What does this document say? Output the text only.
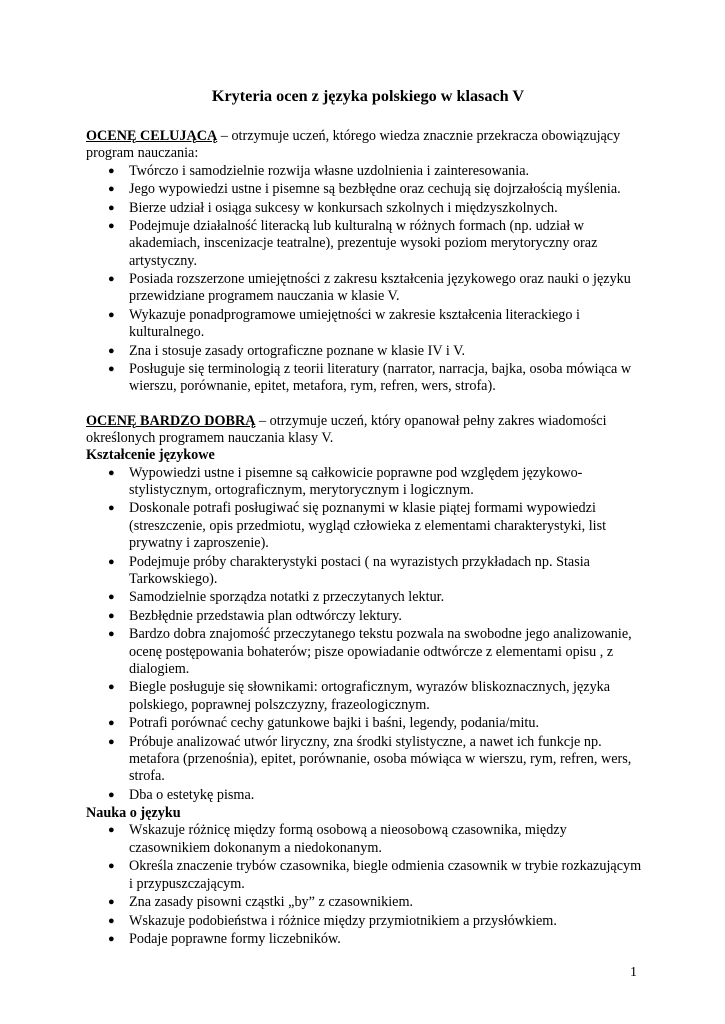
Kryteria ocen z języka polskiego w klasach V

OCENĘ CELUJĄCĄ – otrzymuje uczeń, którego wiedza znacznie przekracza obowiązujący program nauczania:

● Twórczo i samodzielnie rozwija własne uzdolnienia i zainteresowania.
● Jego wypowiedzi ustne i pisemne są bezbłędne oraz cechują się dojrzałością myślenia.
● Bierze udział i osiąga sukcesy w konkursach szkolnych i międzyszkolnych.
● Podejmuje działalność literacką lub kulturalną w różnych formach (np. udział w akademiach, inscenizacje teatralne), prezentuje wysoki poziom merytoryczny oraz artystyczny.
● Posiada rozszerzone umiejętności z zakresu kształcenia językowego oraz nauki o języku przewidziane programem nauczania w klasie V.
● Wykazuje ponadprogramowe umiejętności w zakresie kształcenia literackiego i kulturalnego.
● Zna i stosuje zasady ortograficzne poznane w klasie IV i V.
● Posługuje się terminologią z teorii literatury (narrator, narracja, bajka, osoba mówiąca w wierszu, porównanie, epitet, metafora, rym, refren, wers, strofa).

OCENĘ BARDZO DOBRĄ – otrzymuje uczeń, który opanował pełny zakres wiadomości określonych programem nauczania klasy V.

Kształcenie językowe

● Wypowiedzi ustne i pisemne są całkowicie poprawne pod względem językowo-stylistycznym, ortograficznym, merytorycznym i logicznym.
● Doskonale potrafi posługiwać się poznanymi w klasie piątej formami wypowiedzi (streszczenie, opis przedmiotu, wygląd człowieka z elementami charakterystyki, list prywatny i zaproszenie).
● Podejmuje próby charakterystyki postaci ( na wyrazistych przykładach np. Stasia Tarkowskiego).
● Samodzielnie sporządza notatki z przeczytanych lektur.
● Bezbłędnie przedstawia plan odtwórczy lektury.
● Bardzo dobra znajomość przeczytanego tekstu pozwala na swobodne jego analizowanie, ocenę postępowania bohaterów; pisze opowiadanie odtwórcze z elementami opisu , z dialogiem.
● Biegle posługuje się słownikami: ortograficznym, wyrazów bliskoznacznych, języka polskiego, poprawnej polszczyzny, frazeologicznym.
● Potrafi porównać cechy gatunkowe bajki i baśni, legendy, podania/mitu.
● Próbuje analizować utwór liryczny, zna środki stylistyczne, a nawet ich funkcje np. metafora (przenośnia), epitet, porównanie, osoba mówiąca w wierszu, rym, refren, wers, strofa.
● Dba o estetykę pisma.

Nauka o języku

● Wskazuje różnicę między formą osobową a nieosobową czasownika, między czasownikiem dokonanym a niedokonanym.
● Określa znaczenie trybów czasownika, biegle odmienia czasownik w trybie rozkazującym i przypuszczającym.
● Zna zasady pisowni cząstki „by” z czasownikiem.
● Wskazuje podobieństwa i różnice między przymiotnikiem a przysłówkiem.
● Podaje poprawne formy liczebników.
1
